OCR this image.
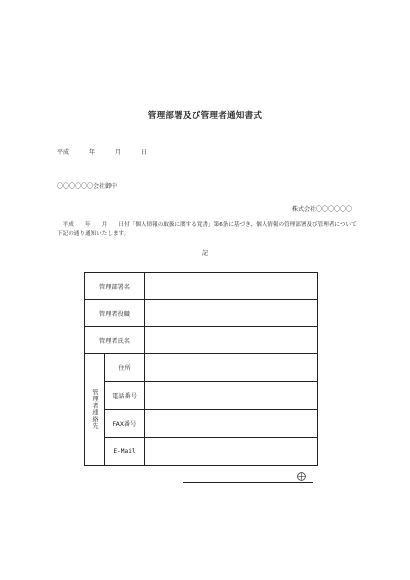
管理部署及び管理者通知書式
平成	年	月	日
〇〇〇〇〇〇会社御中
株式会社〇〇〇〇〇〇
　平成　　年　　月　　日付「個人情報の取扱に関する覚書」第6条に基づき、個人情報の管理部署及び管理者について下記の通り通知いたします。
記
管理部署名
管理者役職
管理者氏名
管理者連絡先
住所
電話番号
FAX番号
E-Mail
